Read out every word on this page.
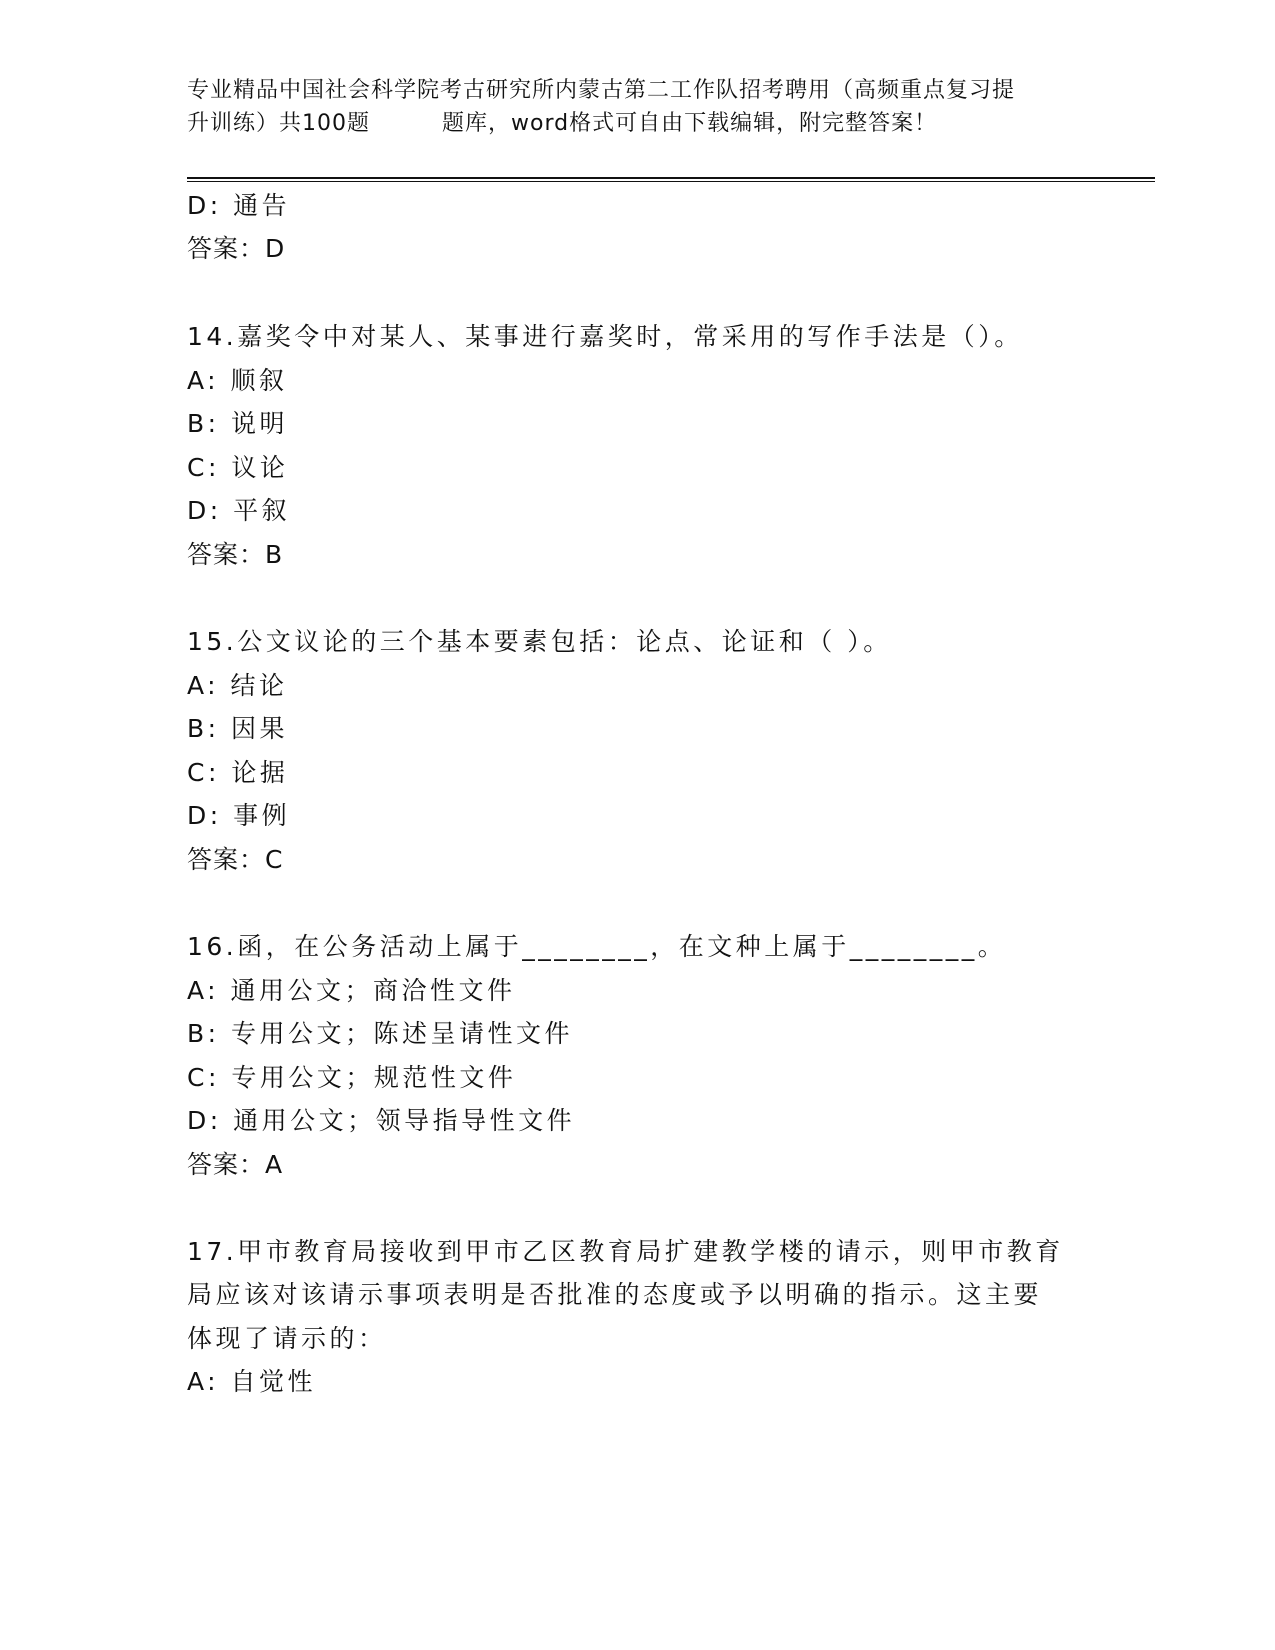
专业精品中国社会科学院考古研究所内蒙古第二工作队招考聘用（高频重点复习提
升训练）共100题	题库，word格式可自由下载编辑，附完整答案！
D: 通告
答案：D
14.嘉奖令中对某人、某事进行嘉奖时，常采用的写作手法是（）。
A: 顺叙
B: 说明
C: 议论
D: 平叙
答案：B
15.公文议论的三个基本要素包括：论点、论证和（ ）。
A: 结论
B: 因果
C: 论据
D: 事例
答案：C
16.函，在公务活动上属于________，在文种上属于________。
A: 通用公文；商洽性文件
B: 专用公文；陈述呈请性文件
C: 专用公文；规范性文件
D: 通用公文；领导指导性文件
答案：A
17.甲市教育局接收到甲市乙区教育局扩建教学楼的请示，则甲市教育
局应该对该请示事项表明是否批准的态度或予以明确的指示。这主要
体现了请示的：
A: 自觉性
